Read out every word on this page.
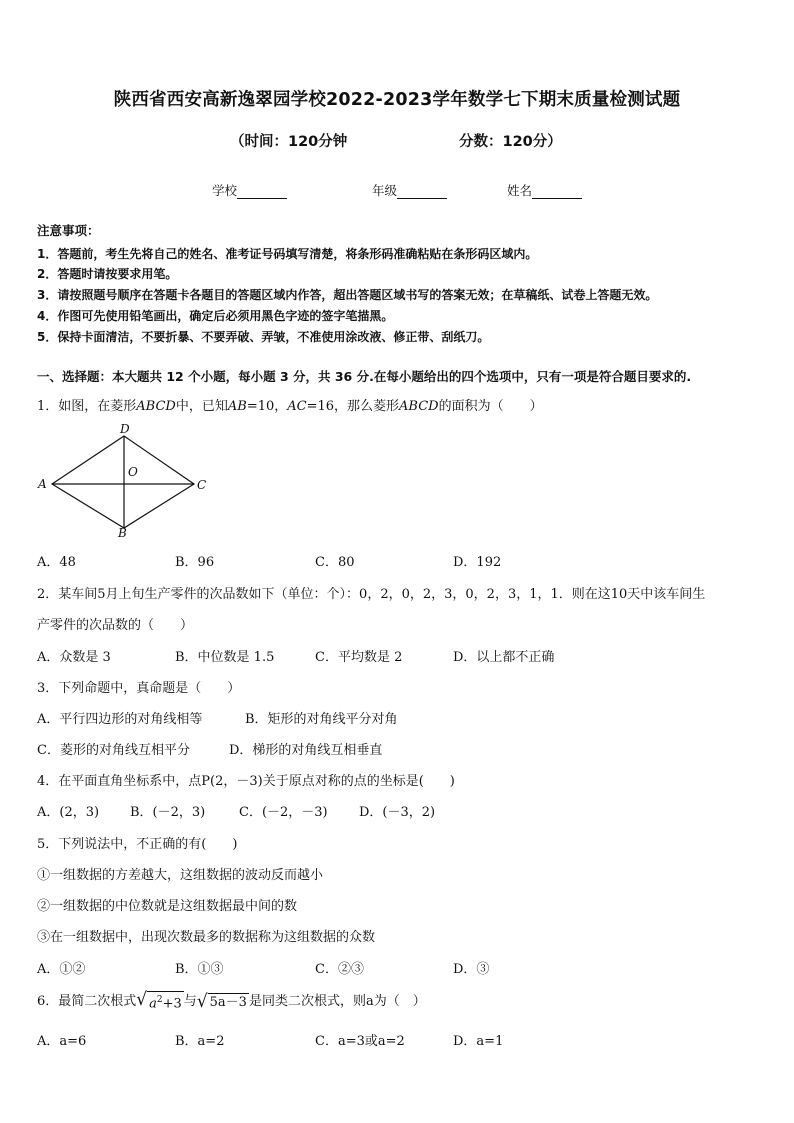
陕西省西安高新逸翠园学校2022-2023学年数学七下期末质量检测试题
（时间：120分钟	分数：120分）
学校	年级	姓名
注意事项：
1．答题前，考生先将自己的姓名、准考证号码填写清楚，将条形码准确粘贴在条形码区域内。
2．答题时请按要求用笔。
3．请按照题号顺序在答题卡各题目的答题区域内作答，超出答题区域书写的答案无效；在草稿纸、试卷上答题无效。
4．作图可先使用铅笔画出，确定后必须用黑色字迹的签字笔描黑。
5．保持卡面清洁，不要折暴、不要弄破、弄皱，不准使用涂改液、修正带、刮纸刀。
一、选择题：本大题共 12 个小题，每小题 3 分，共 36 分.在每小题给出的四个选项中，只有一项是符合题目要求的.
1．如图，在菱形ABCD中，已知AB=10，AC=16，那么菱形ABCD的面积为（　　）
D
O
A	C
B
A．48	B．96	C．80	D．192
2．某车间5月上旬生产零件的次品数如下（单位：个）：0，2，0，2，3，0，2，3，1，1．则在这10天中该车间生
产零件的次品数的（　　）
A．众数是 3	B．中位数是 1.5	C．平均数是 2	D．以上都不正确
3．下列命题中，真命题是（　　）
A．平行四边形的对角线相等	B．矩形的对角线平分对角
C．菱形的对角线互相平分	D．梯形的对角线互相垂直
4．在平面直角坐标系中，点P(2，－3)关于原点对称的点的坐标是(　　)
A．(2，3) B．(－2，3)	C．(－2，－3) D．(－3，2)
5．下列说法中，不正确的有(　　)
①一组数据的方差越大，这组数据的波动反而越小
②一组数据的中位数就是这组数据最中间的数
③在一组数据中，出现次数最多的数据称为这组数据的众数
A．①②	B．①③	C．②③	D．③
6．最简二次根式 √ $a^2+3$ 与 √ 5a－3 是同类二次根式，则a为（　）
A．a=6	B．a=2	C．a=3或a=2	D．a=1
